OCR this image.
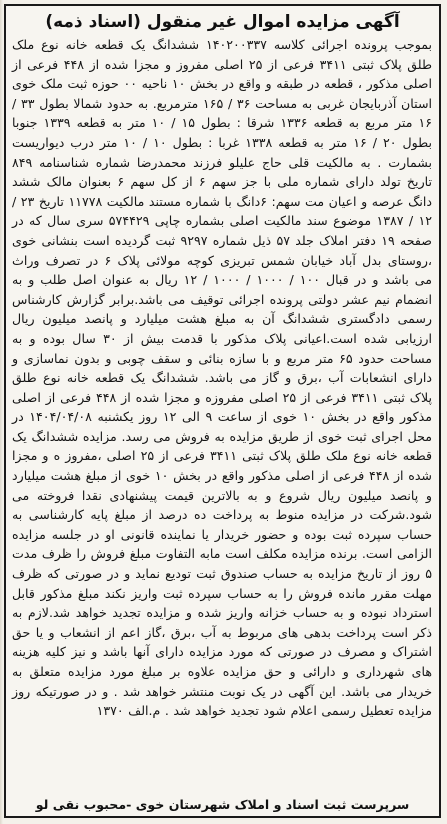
آگهی مزایده اموال غیر منقول (اسناد ذمه)

بموجب پرونده اجرائی کلاسه ۱۴۰۲۰۰۳۳۷ ششدانگ یک قطعه خانه نوع ملک طلق پلاک ثبتی ۳۴۱۱ فرعی از ۲۵ اصلی مفروز و مجزا شده از ۴۴۸ فرعی از اصلی مذکور ، قطعه در طبقه و واقع در بخش ۱۰ ناحیه ۰۰ حوزه ثبت ملک خوی استان آذربایجان غربی به مساحت ۳۶ / ۱۶۵ مترمربع. به حدود شمالا بطول ۳۳ / ۱۶ متر مربع به قطعه ۱۳۳۶ شرقا : بطول ۱۵ / ۱۰ متر به قطعه ۱۳۳۹ جنوبا بطول ۲۰ / ۱۶ متر به قطعه ۱۳۳۸ غربا : بطول ۱۰ / ۱۰ متر درب دیواریست بشمارت . به مالکیت قلی حاج علیلو فرزند محمدرضا شماره شناسنامه ۸۴۹ تاریخ تولد دارای شماره ملی با جز سهم ۶ از کل سهم ۶ بعنوان مالک ششد دانگ عرصه و اعیان مت سهم: ۶دانگ با شماره مستند مالکیت ۱۱۷۷۸ تاریخ ۲۳ / ۱۲ / ۱۳۸۷ موضوع سند مالکیت اصلی بشماره چاپی ۵۷۴۴۲۹ سری سال که در صفحه ۱۹ دفتر املاک جلد ۵۷ ذیل شماره ۹۲۹۷ ثبت گردیده است بنشانی خوی ،روستای بدل آباد خیابان شمس تبریزی کوچه مولائی پلاک ۶ در تصرف وراث می باشد و در قبال ۱۰۰ / ۱۰۰۰ / ۱۰۰۰ / ۱۲ ریال به عنوان اصل طلب و به انضمام نیم عشر دولتی پرونده اجرائی توقیف می باشد.برابر گزارش کارشناس رسمی دادگستری ششدانگ آن به مبلغ هشت میلیارد و پانصد میلیون ریال ارزیابی شده است.اعیانی پلاک مذکور با قدمت بیش از ۳۰ سال بوده و به مساحت حدود ۶۵ متر مربع و با سازه بنائی و سقف چوبی و بدون نماسازی و دارای انشعابات آب ،برق و گاز می باشد. ششدانگ یک قطعه خانه نوع طلق پلاک ثبتی ۳۴۱۱ فرعی از ۲۵ اصلی مفروزه و مجزا شده از ۴۴۸ فرعی از اصلی مذکور واقع در بخش ۱۰ خوی از ساعت ۹ الی ۱۲ روز یکشنبه ۱۴۰۴/۰۴/۰۸ در محل اجرای ثبت خوی از طریق مزایده به فروش می رسد. مزایده ششدانگ یک قطعه خانه نوع ملک طلق پلاک ثبتی ۳۴۱۱ فرعی از ۲۵ اصلی ،مفروز ه و مجزا شده از ۴۴۸ فرعی از اصلی مذکور واقع در بخش ۱۰ خوی از مبلغ هشت میلیارد و پانصد میلیون ریال شروع و به بالاترین قیمت پیشنهادی نقدا فروخته می شود.شرکت در مزایده منوط به پرداخت ده درصد از مبلغ پایه کارشناسی به حساب سپرده ثبت بوده و حضور خریدار یا نماینده قانونی او در جلسه مزایده الزامی است. برنده مزایده مکلف است مابه التفاوت مبلغ فروش را ظرف مدت ۵ روز از تاریخ مزایده به حساب صندوق ثبت تودیع نماید و در صورتی که ظرف مهلت مقرر مانده فروش را به حساب سپرده ثبت واریز نکند مبلغ مذکور قابل استرداد نبوده و به حساب خزانه واریز شده و مزایده تجدید خواهد شد.لازم به ذکر است پرداخت بدهی های مربوط به آب ،برق ،گاز اعم از انشعاب و یا حق اشتراک و مصرف در صورتی که مورد مزایده دارای آنها باشد و نیز کلیه هزینه های شهرداری و دارائی و حق مزایده علاوه بر مبلغ مورد مزایده متعلق به خریدار می باشد. این آگهی در یک نوبت منتشر خواهد شد . و در صورتیکه روز مزایده تعطیل رسمی اعلام شود تجدید خواهد شد . م.الف ۱۳۷۰

سرپرست ثبت اسناد و املاک شهرستان خوی -محبوب نقی لو
